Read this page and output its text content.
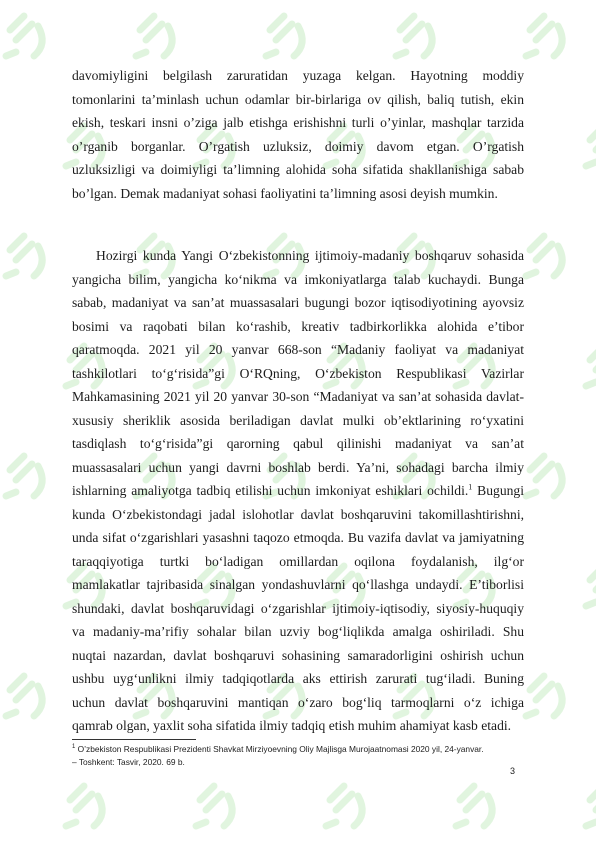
davomiyligini belgilash zaruratidan yuzaga kelgan. Hayotning moddiy
tomonlarini ta’minlash uchun odamlar bir-birlariga ov qilish, baliq tutish, ekin
ekish, teskari insni o’ziga jalb etishga erishishni turli o’yinlar, mashqlar tarzida
o’rganib borganlar. O’rgatish uzluksiz, doimiy davom etgan. O’rgatish
uzluksizligi va doimiyligi ta’limning alohida soha sifatida shakllanishiga sabab
bo’lgan. Demak madaniyat sohasi faoliyatini ta’limning asosi deyish mumkin.
Hozirgi kunda Yangi O‘zbekistonning ijtimoiy-madaniy boshqaruv sohasida
yangicha bilim, yangicha ko‘nikma va imkoniyatlarga talab kuchaydi. Bunga
sabab, madaniyat va san’at muassasalari bugungi bozor iqtisodiyotining ayovsiz
bosimi va raqobati bilan ko‘rashib, kreativ tadbirkorlikka alohida e’tibor
qaratmoqda. 2021 yil 20 yanvar 668-son “Madaniy faoliyat va madaniyat
tashkilotlari to‘g‘risida”gi O‘RQning, O‘zbekiston Respublikasi Vazirlar
Mahkamasining 2021 yil 20 yanvar 30-son “Madaniyat va san’at sohasida davlat-
xususiy sheriklik asosida beriladigan davlat mulki ob’ektlarining ro‘yxatini
tasdiqlash to‘g‘risida”gi qarorning qabul qilinishi madaniyat va san’at
muassasalari uchun yangi davrni boshlab berdi. Ya’ni, sohadagi barcha ilmiy
ishlarning amaliyotga tadbiq etilishi uchun imkoniyat eshiklari ochildi.$^1$ Bugungi
kunda O‘zbekistondagi jadal islohotlar davlat boshqaruvini takomillashtirishni,
unda sifat o‘zgarishlari yasashni taqozo etmoqda. Bu vazifa davlat va jamiyatning
taraqqiyotiga turtki bo‘ladigan omillardan oqilona foydalanish, ilg‘or
mamlakatlar tajribasida sinalgan yondashuvlarni qo‘llashga undaydi. E’tiborlisi
shundaki, davlat boshqaruvidagi o‘zgarishlar ijtimoiy-iqtisodiy, siyosiy-huquqiy
va madaniy-ma’rifiy sohalar bilan uzviy bog‘liqlikda amalga oshiriladi. Shu
nuqtai nazardan, davlat boshqaruvi sohasining samaradorligini oshirish uchun
ushbu uyg‘unlikni ilmiy tadqiqotlarda aks ettirish zarurati tug‘iladi. Buning
uchun davlat boshqaruvini mantiqan o‘zaro bog‘liq tarmoqlarni o‘z ichiga
qamrab olgan, yaxlit soha sifatida ilmiy tadqiq etish muhim ahamiyat kasb etadi.
$^1$ O’zbekiston Respublikasi Prezidenti Shavkat Mirziyoevning Oliy Majlisga Murojaatnomasi 2020 yil, 24-yanvar.
– Toshkent: Tasvir, 2020. 69 b.
3
